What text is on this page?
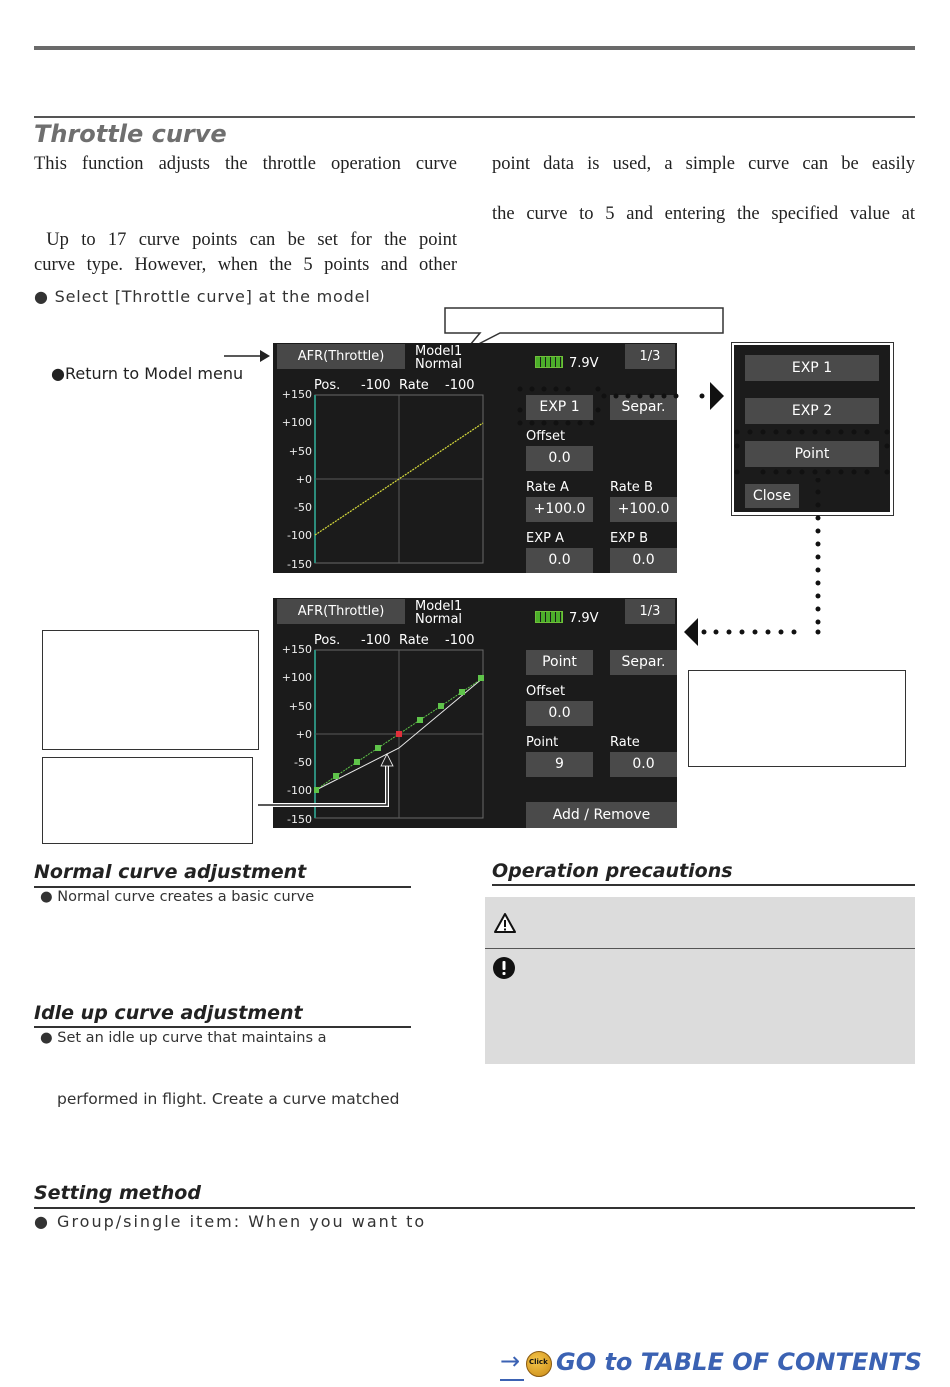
Throttle curve
This function adjusts the throttle operation curve
Up to 17 curve points can be set for the point
curve type. However, when the 5 points and other
point data is used, a simple curve can be easily
the curve to 5 and entering the specified value at
● Select [Throttle curve] at the model
●Return to Model menu
AFR(Throttle)	Model1
Normal	7.9V	1/3
Pos. -100 Rate -100
+150
+100
+50
+0
-50
-100
-150
EXP 1	Separ.
Offset
0.0
Rate A	Rate B
+100.0	+100.0
EXP A	EXP B
0.0	0.0
EXP 1
EXP 2
Point
Close
AFR(Throttle)	Model1
Normal	7.9V	1/3
Pos. -100 Rate -100
+150
+100
+50
+0
-50
-100
-150
Point	Separ.
Offset
0.0
Point	Rate
9	0.0
Add / Remove
Normal curve adjustment
● Normal curve creates a basic curve
Idle up curve adjustment
● Set an idle up curve that maintains a
performed in flight. Create a curve matched
Setting method
● Group/single item: When you want to
Operation precautions
→ Click GO to TABLE OF CONTENTS
